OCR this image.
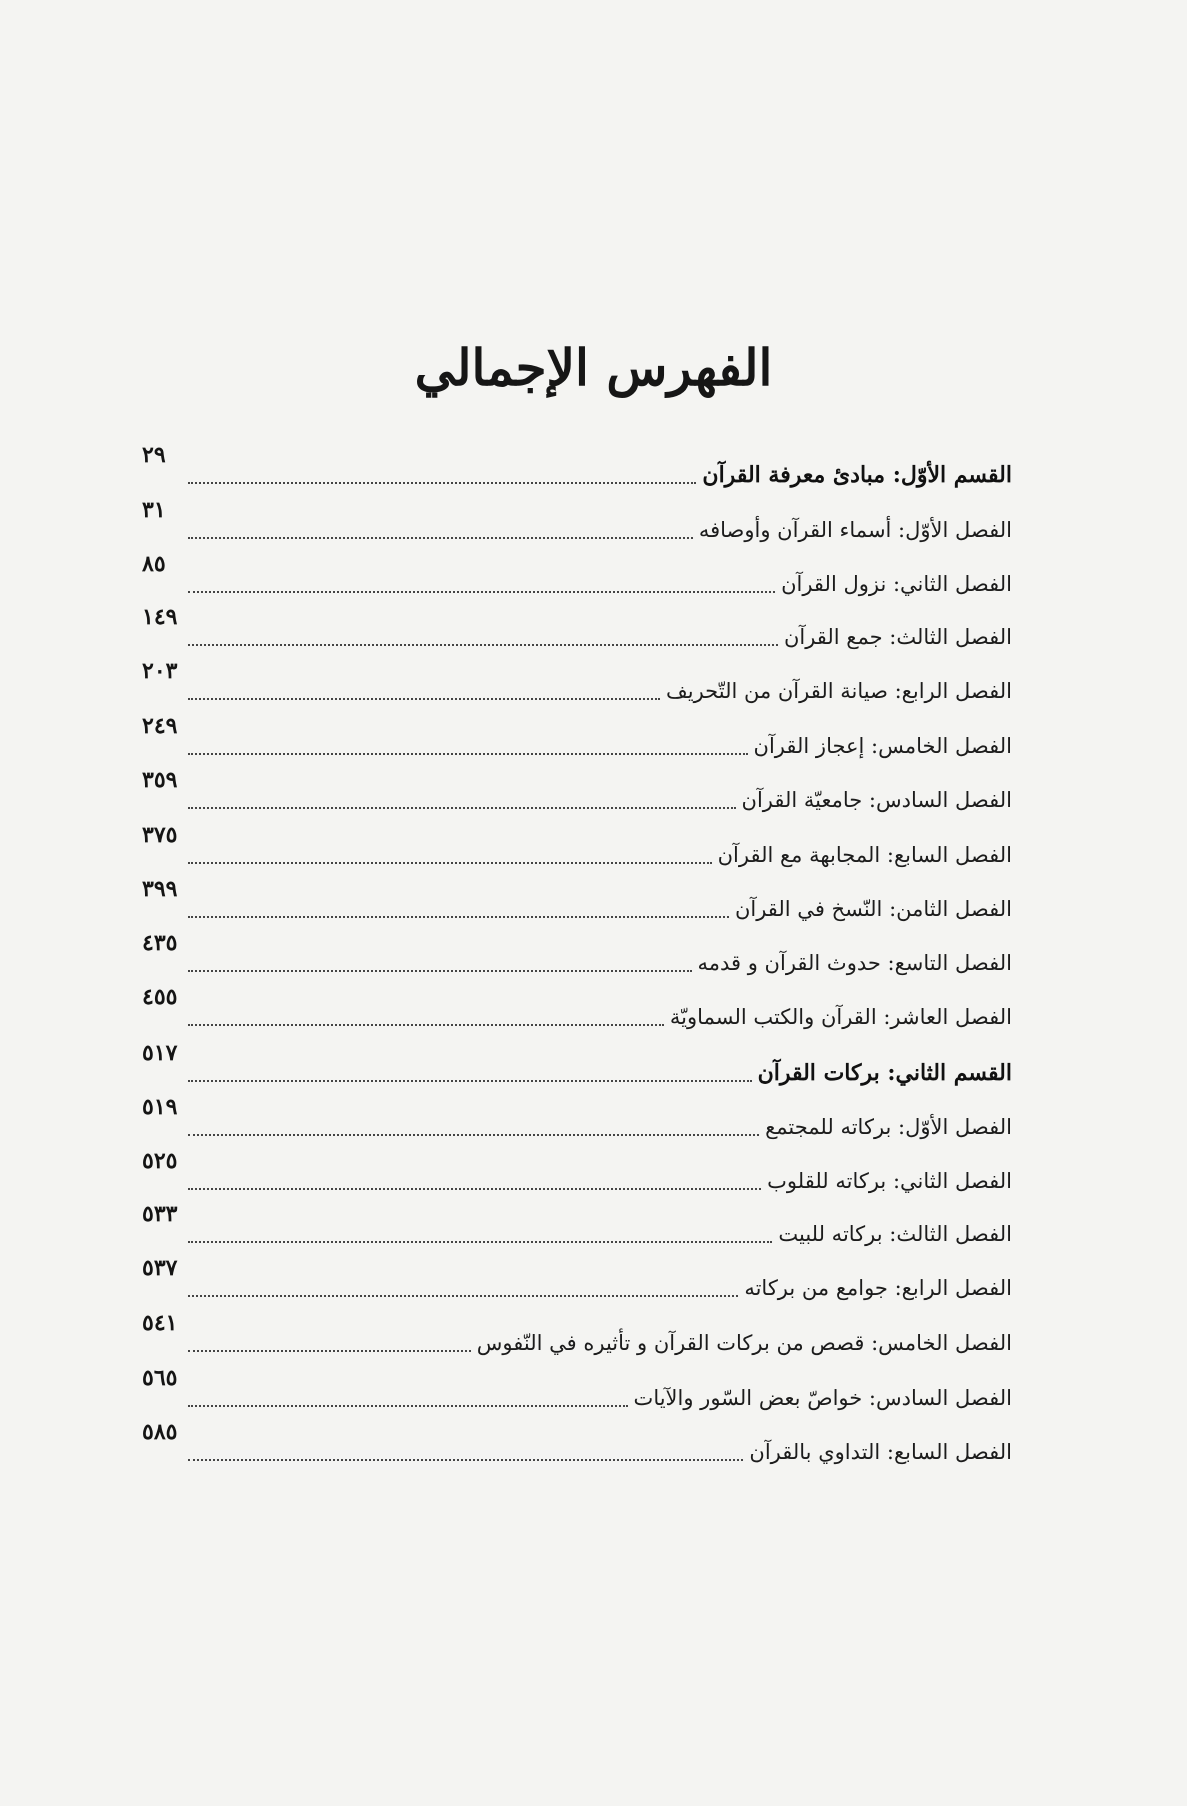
الفهرس الإجمالي
القسم الأوّل: مبادئ معرفة القرآن
٢٩
الفصل الأوّل: أسماء القرآن وأوصافه
٣١
الفصل الثاني: نزول القرآن
٨٥
الفصل الثالث: جمع القرآن
١٤٩
الفصل الرابع: صيانة القرآن من التّحريف
٢٠٣
الفصل الخامس: إعجاز القرآن
٢٤٩
الفصل السادس: جامعيّة القرآن
٣٥٩
الفصل السابع: المجابهة مع القرآن
٣٧٥
الفصل الثامن: النّسخ في القرآن
٣٩٩
الفصل التاسع: حدوث القرآن و قدمه
٤٣٥
الفصل العاشر: القرآن والكتب السماويّة
٤٥٥
القسم الثاني: بركات القرآن
٥١٧
الفصل الأوّل: بركاته للمجتمع
٥١٩
الفصل الثاني: بركاته للقلوب
٥٢٥
الفصل الثالث: بركاته للبيت
٥٣٣
الفصل الرابع: جوامع من بركاته
٥٣٧
الفصل الخامس: قصص من بركات القرآن و تأثيره في النّفوس
٥٤١
الفصل السادس: خواصّ بعض السّور والآيات
٥٦٥
الفصل السابع: التداوي بالقرآن
٥٨٥
